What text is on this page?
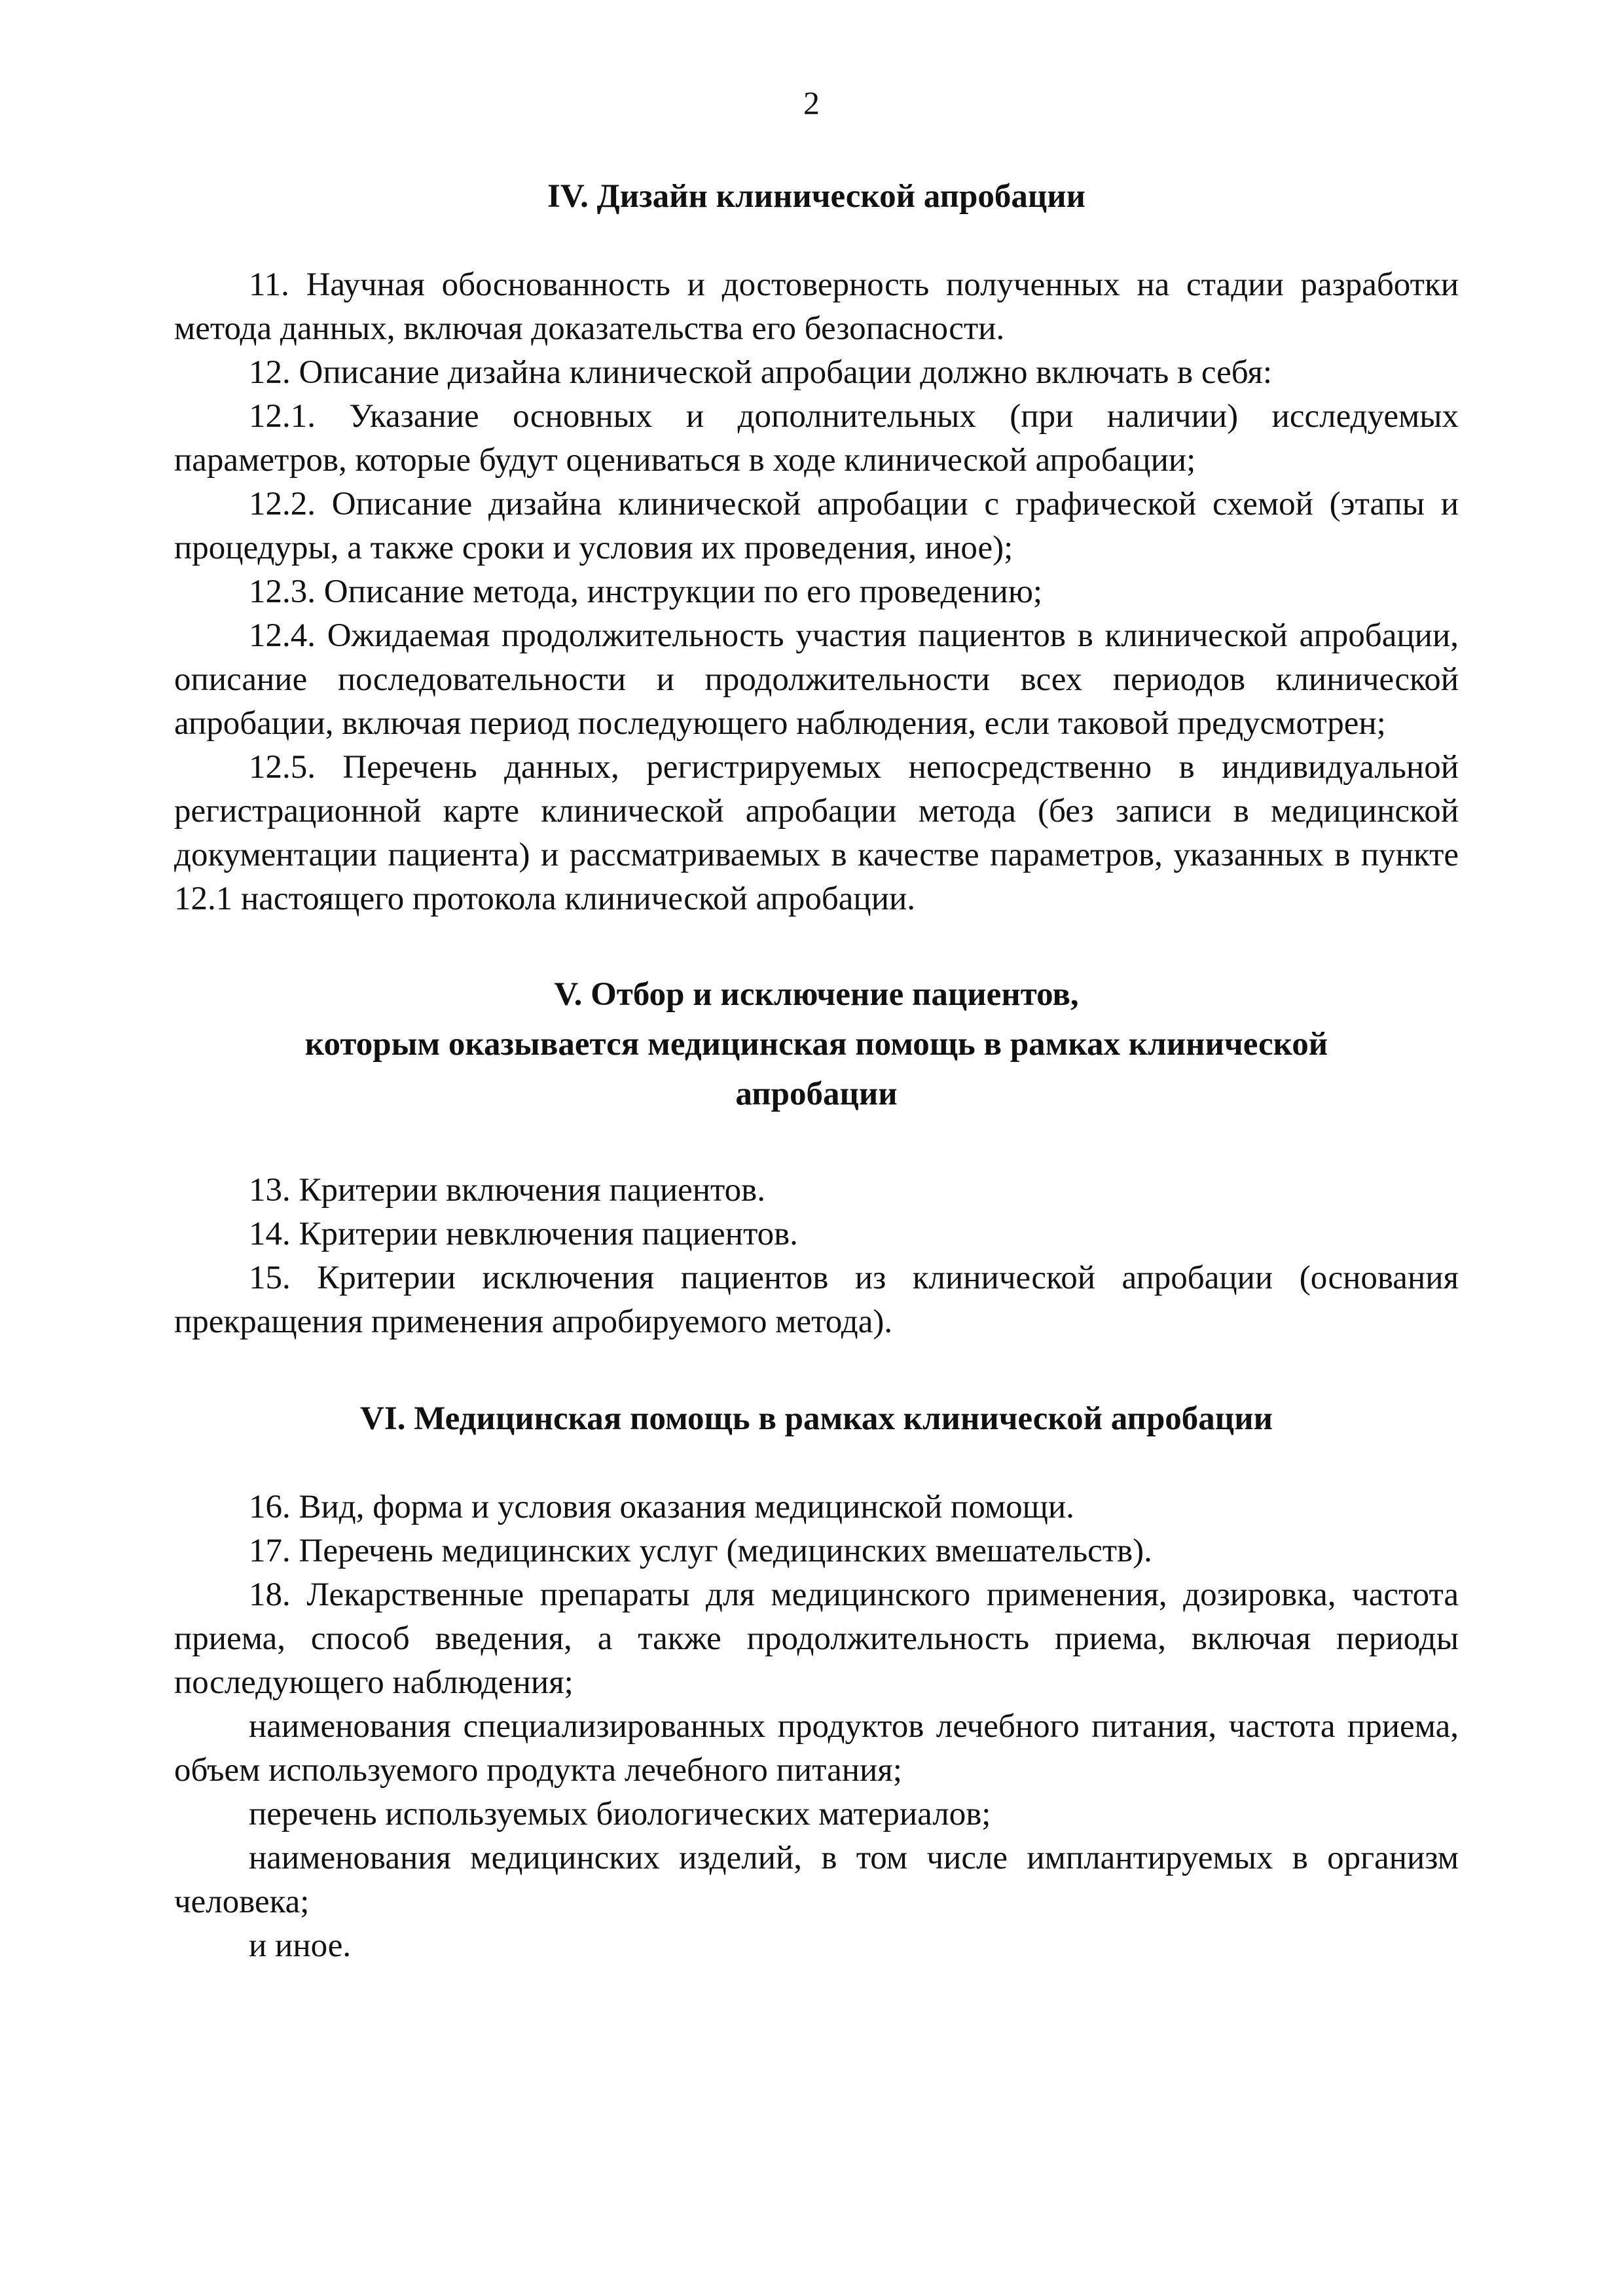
2
IV. Дизайн клинической апробации

11. Научная обоснованность и достоверность полученных на стадии разработки метода данных, включая доказательства его безопасности.

12. Описание дизайна клинической апробации должно включать в себя:

12.1. Указание основных и дополнительных (при наличии) исследуемых параметров, которые будут оцениваться в ходе клинической апробации;

12.2. Описание дизайна клинической апробации с графической схемой (этапы и процедуры, а также сроки и условия их проведения, иное);

12.3. Описание метода, инструкции по его проведению;

12.4. Ожидаемая продолжительность участия пациентов в клинической апробации, описание последовательности и продолжительности всех периодов клинической апробации, включая период последующего наблюдения, если таковой предусмотрен;

12.5. Перечень данных, регистрируемых непосредственно в индивидуальной регистрационной карте клинической апробации метода (без записи в медицинской документации пациента) и рассматриваемых в качестве параметров, указанных в пункте 12.1 настоящего протокола клинической апробации.

V. Отбор и исключение пациентов,
которым оказывается медицинская помощь в рамках клинической
апробации

13. Критерии включения пациентов.

14. Критерии невключения пациентов.

15. Критерии исключения пациентов из клинической апробации (основания прекращения применения апробируемого метода).

VI. Медицинская помощь в рамках клинической апробации

16. Вид, форма и условия оказания медицинской помощи.

17. Перечень медицинских услуг (медицинских вмешательств).

18. Лекарственные препараты для медицинского применения, дозировка, частота приема, способ введения, а также продолжительность приема, включая периоды последующего наблюдения;

наименования специализированных продуктов лечебного питания, частота приема, объем используемого продукта лечебного питания;

перечень используемых биологических материалов;

наименования медицинских изделий, в том числе имплантируемых в организм человека;

и иное.
